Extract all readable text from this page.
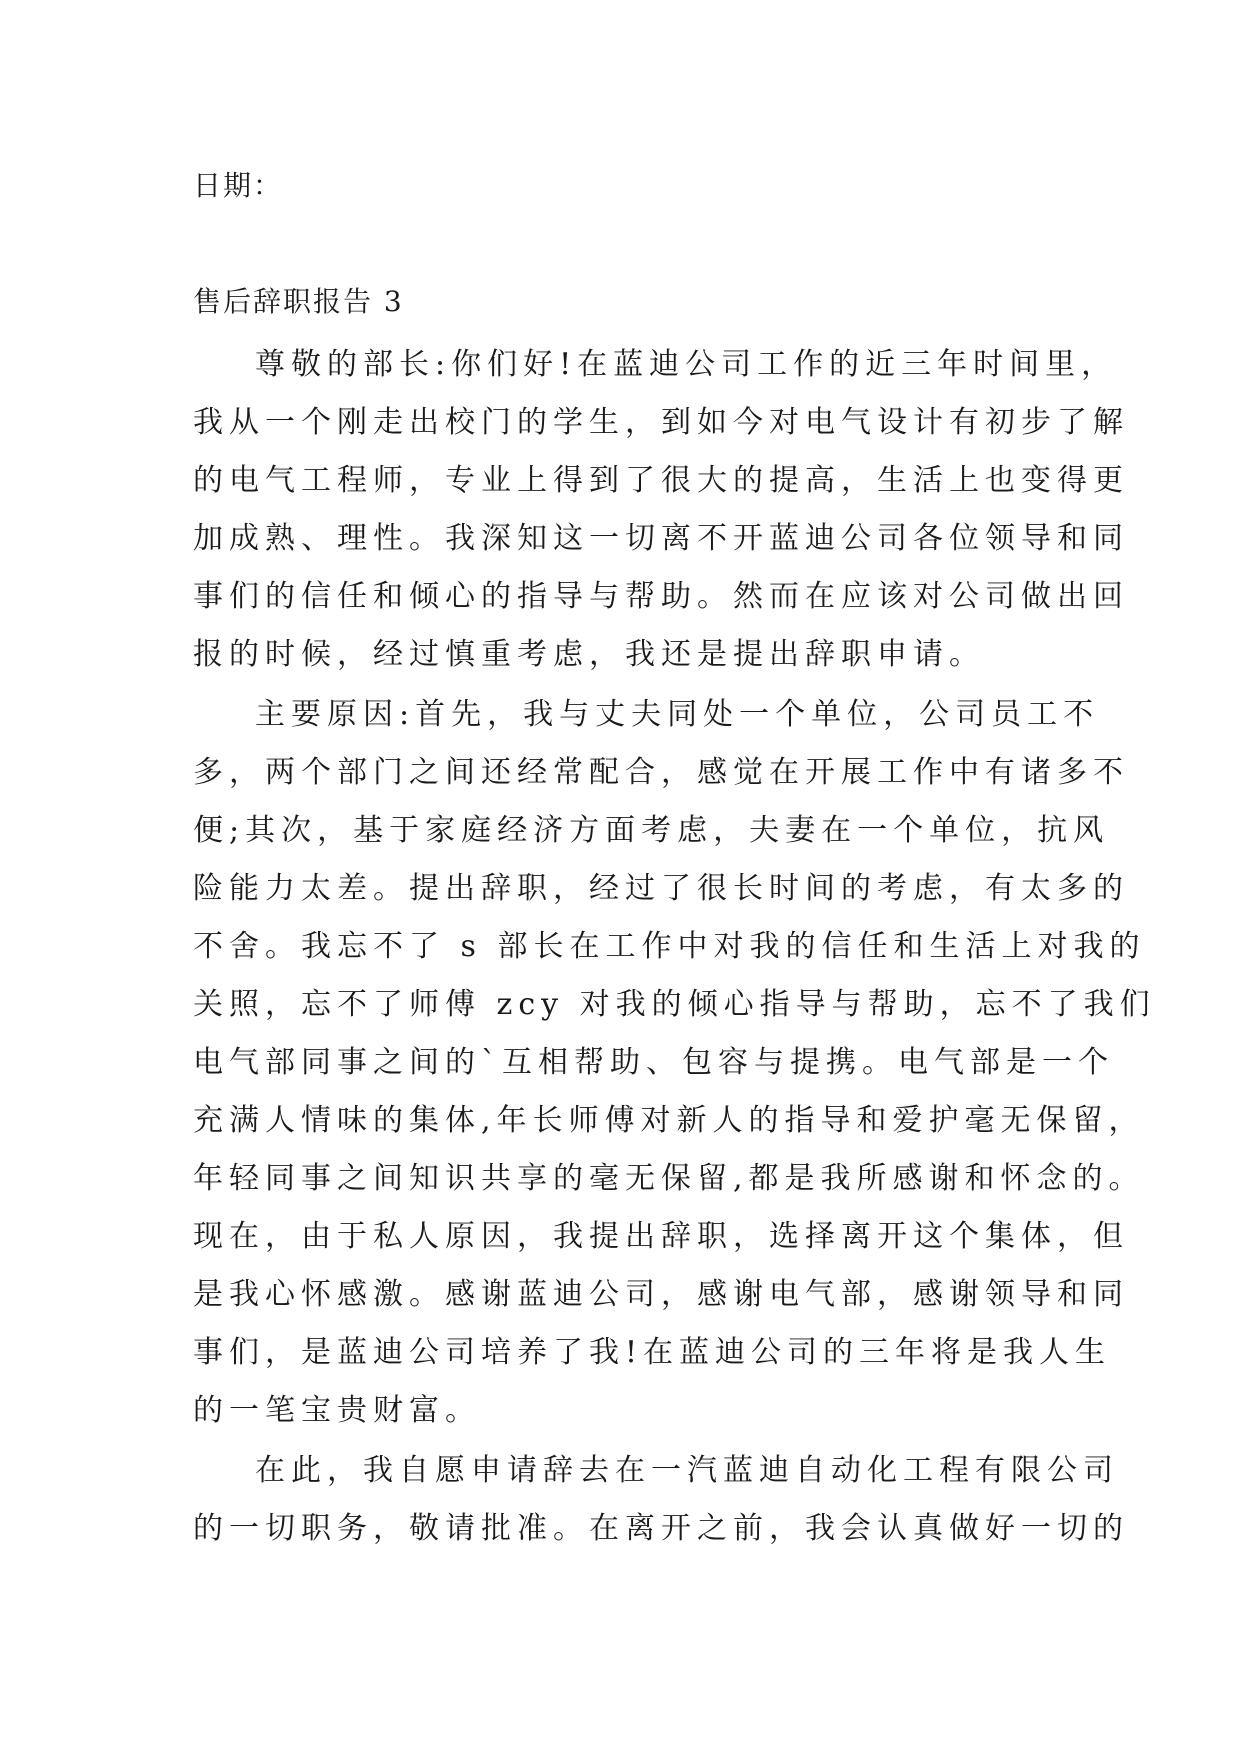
日期：
售后辞职报告 3
尊敬的部长:你们好!在蓝迪公司工作的近三年时间里，
我从一个刚走出校门的学生，到如今对电气设计有初步了解
的电气工程师，专业上得到了很大的提高，生活上也变得更
加成熟、理性。我深知这一切离不开蓝迪公司各位领导和同
事们的信任和倾心的指导与帮助。然而在应该对公司做出回
报的时候，经过慎重考虑，我还是提出辞职申请。
主要原因:首先，我与丈夫同处一个单位，公司员工不
多，两个部门之间还经常配合，感觉在开展工作中有诸多不
便;其次，基于家庭经济方面考虑，夫妻在一个单位，抗风
险能力太差。提出辞职，经过了很长时间的考虑，有太多的
不舍。我忘不了 s 部长在工作中对我的信任和生活上对我的
关照，忘不了师傅 zcy 对我的倾心指导与帮助，忘不了我们
电气部同事之间的`互相帮助、包容与提携。电气部是一个
充满人情味的集体,年长师傅对新人的指导和爱护毫无保留，
年轻同事之间知识共享的毫无保留,都是我所感谢和怀念的。
现在，由于私人原因，我提出辞职，选择离开这个集体，但
是我心怀感激。感谢蓝迪公司，感谢电气部，感谢领导和同
事们，是蓝迪公司培养了我!在蓝迪公司的三年将是我人生
的一笔宝贵财富。
在此，我自愿申请辞去在一汽蓝迪自动化工程有限公司
的一切职务，敬请批准。在离开之前，我会认真做好一切的
